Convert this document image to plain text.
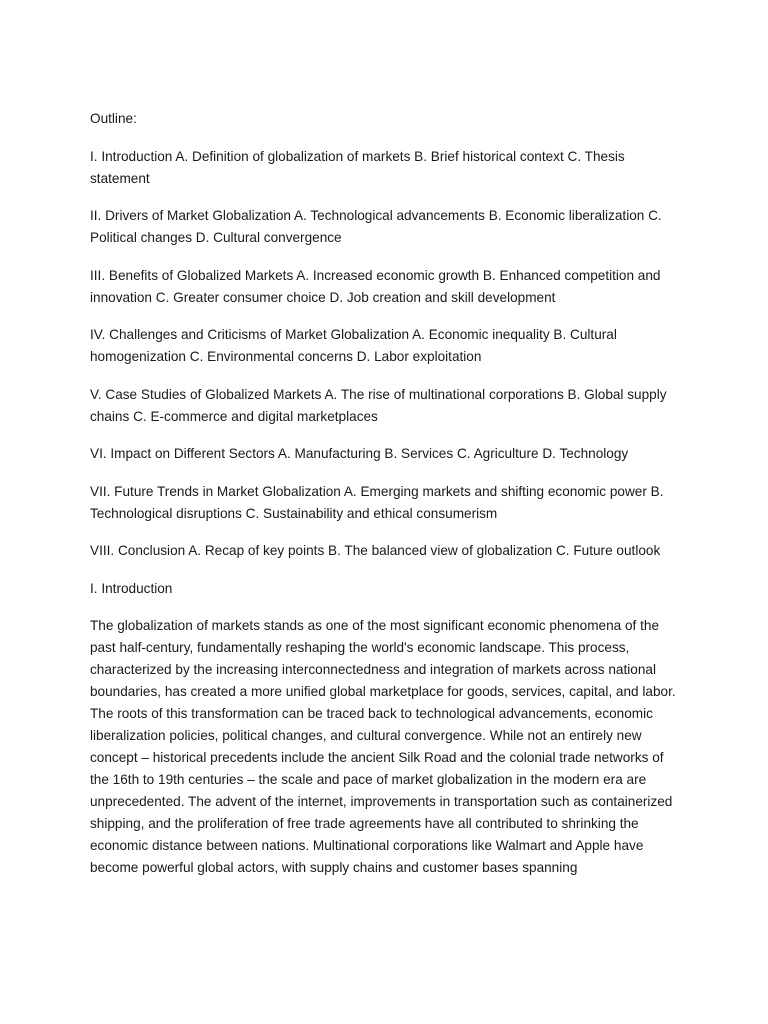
Outline:

I. Introduction A. Definition of globalization of markets B. Brief historical context C. Thesis statement

II. Drivers of Market Globalization A. Technological advancements B. Economic liberalization C. Political changes D. Cultural convergence

III. Benefits of Globalized Markets A. Increased economic growth B. Enhanced competition and innovation C. Greater consumer choice D. Job creation and skill development

IV. Challenges and Criticisms of Market Globalization A. Economic inequality B. Cultural homogenization C. Environmental concerns D. Labor exploitation

V. Case Studies of Globalized Markets A. The rise of multinational corporations B. Global supply chains C. E-commerce and digital marketplaces

VI. Impact on Different Sectors A. Manufacturing B. Services C. Agriculture D. Technology

VII. Future Trends in Market Globalization A. Emerging markets and shifting economic power B. Technological disruptions C. Sustainability and ethical consumerism

VIII. Conclusion A. Recap of key points B. The balanced view of globalization C. Future outlook

I. Introduction

The globalization of markets stands as one of the most significant economic phenomena of the past half-century, fundamentally reshaping the world's economic landscape. This process, characterized by the increasing interconnectedness and integration of markets across national boundaries, has created a more unified global marketplace for goods, services, capital, and labor. The roots of this transformation can be traced back to technological advancements, economic liberalization policies, political changes, and cultural convergence. While not an entirely new concept – historical precedents include the ancient Silk Road and the colonial trade networks of the 16th to 19th centuries – the scale and pace of market globalization in the modern era are unprecedented. The advent of the internet, improvements in transportation such as containerized shipping, and the proliferation of free trade agreements have all contributed to shrinking the economic distance between nations. Multinational corporations like Walmart and Apple have become powerful global actors, with supply chains and customer bases spanning
